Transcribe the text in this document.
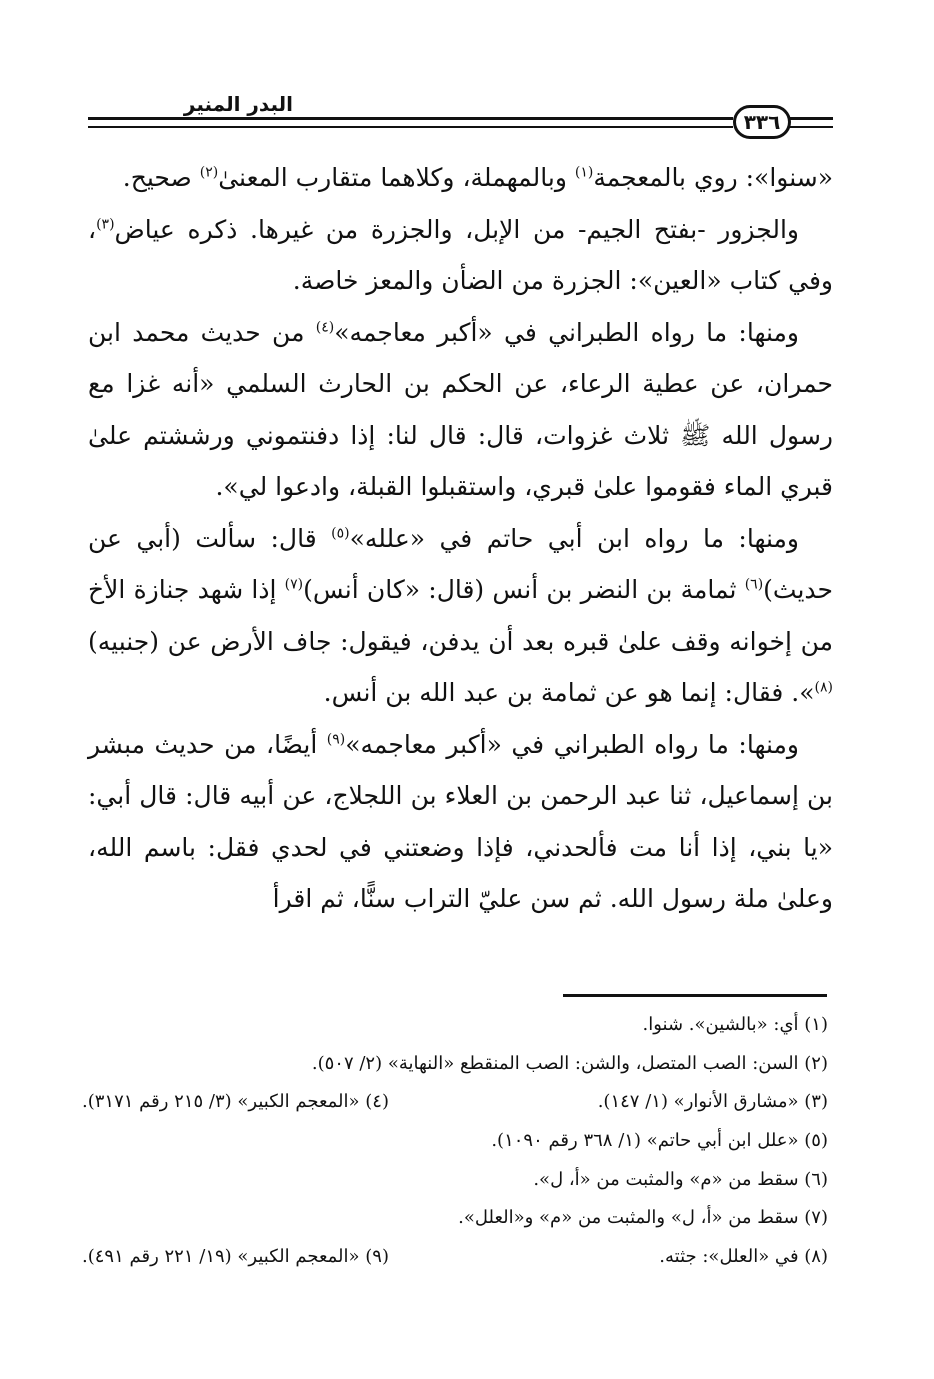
البدر المنير
٣٣٦

«سنوا»: روي بالمعجمة$^{(١)}$ وبالمهملة، وكلاهما متقارب المعنىٰ$^{(٢)}$ صحيح.

والجزور -بفتح الجيم- من الإبل، والجزرة من غيرها. ذكره عياض$^{(٣)}$، وفي كتاب «العين»: الجزرة من الضأن والمعز خاصة.

ومنها: ما رواه الطبراني في «أكبر معاجمه»$^{(٤)}$ من حديث محمد ابن حمران، عن عطية الرعاء، عن الحكم بن الحارث السلمي «أنه غزا مع رسول الله ﷺ ثلاث غزوات، قال: قال لنا: إذا دفنتموني ورششتم علىٰ قبري الماء فقوموا علىٰ قبري، واستقبلوا القبلة، وادعوا لي».

ومنها: ما رواه ابن أبي حاتم في «علله»$^{(٥)}$ قال: سألت (أبي عن حديث)$^{(٦)}$ ثمامة بن النضر بن أنس (قال: «كان أنس)$^{(٧)}$ إذا شهد جنازة الأخ من إخوانه وقف علىٰ قبره بعد أن يدفن، فيقول: جاف الأرض عن (جنبيه)$^{(٨)}$». فقال: إنما هو عن ثمامة بن عبد الله بن أنس.

ومنها: ما رواه الطبراني في «أكبر معاجمه»$^{(٩)}$ أيضًا، من حديث مبشر بن إسماعيل، ثنا عبد الرحمن بن العلاء بن اللجلاج، عن أبيه قال: قال أبي: «يا بني، إذا أنا مت فألحدني، فإذا وضعتني في لحدي فقل: باسم الله، وعلىٰ ملة رسول الله. ثم سن عليّ التراب سنًّا، ثم اقرأ

(١) أي: «بالشين». شنوا.
(٢) السن: الصب المتصل، والشن: الصب المنقطع «النهاية» (٢/ ٥٠٧).
(٣) «مشارق الأنوار» (١/ ١٤٧).
(٤) «المعجم الكبير» (٣/ ٢١٥ رقم ٣١٧١).
(٥) «علل ابن أبي حاتم» (١/ ٣٦٨ رقم ١٠٩٠).
(٦) سقط من «م» والمثبت من «أ، ل».
(٧) سقط من «أ، ل» والمثبت من «م» و«العلل».
(٨) في «العلل»: جثته.
(٩) «المعجم الكبير» (١٩/ ٢٢١ رقم ٤٩١).
